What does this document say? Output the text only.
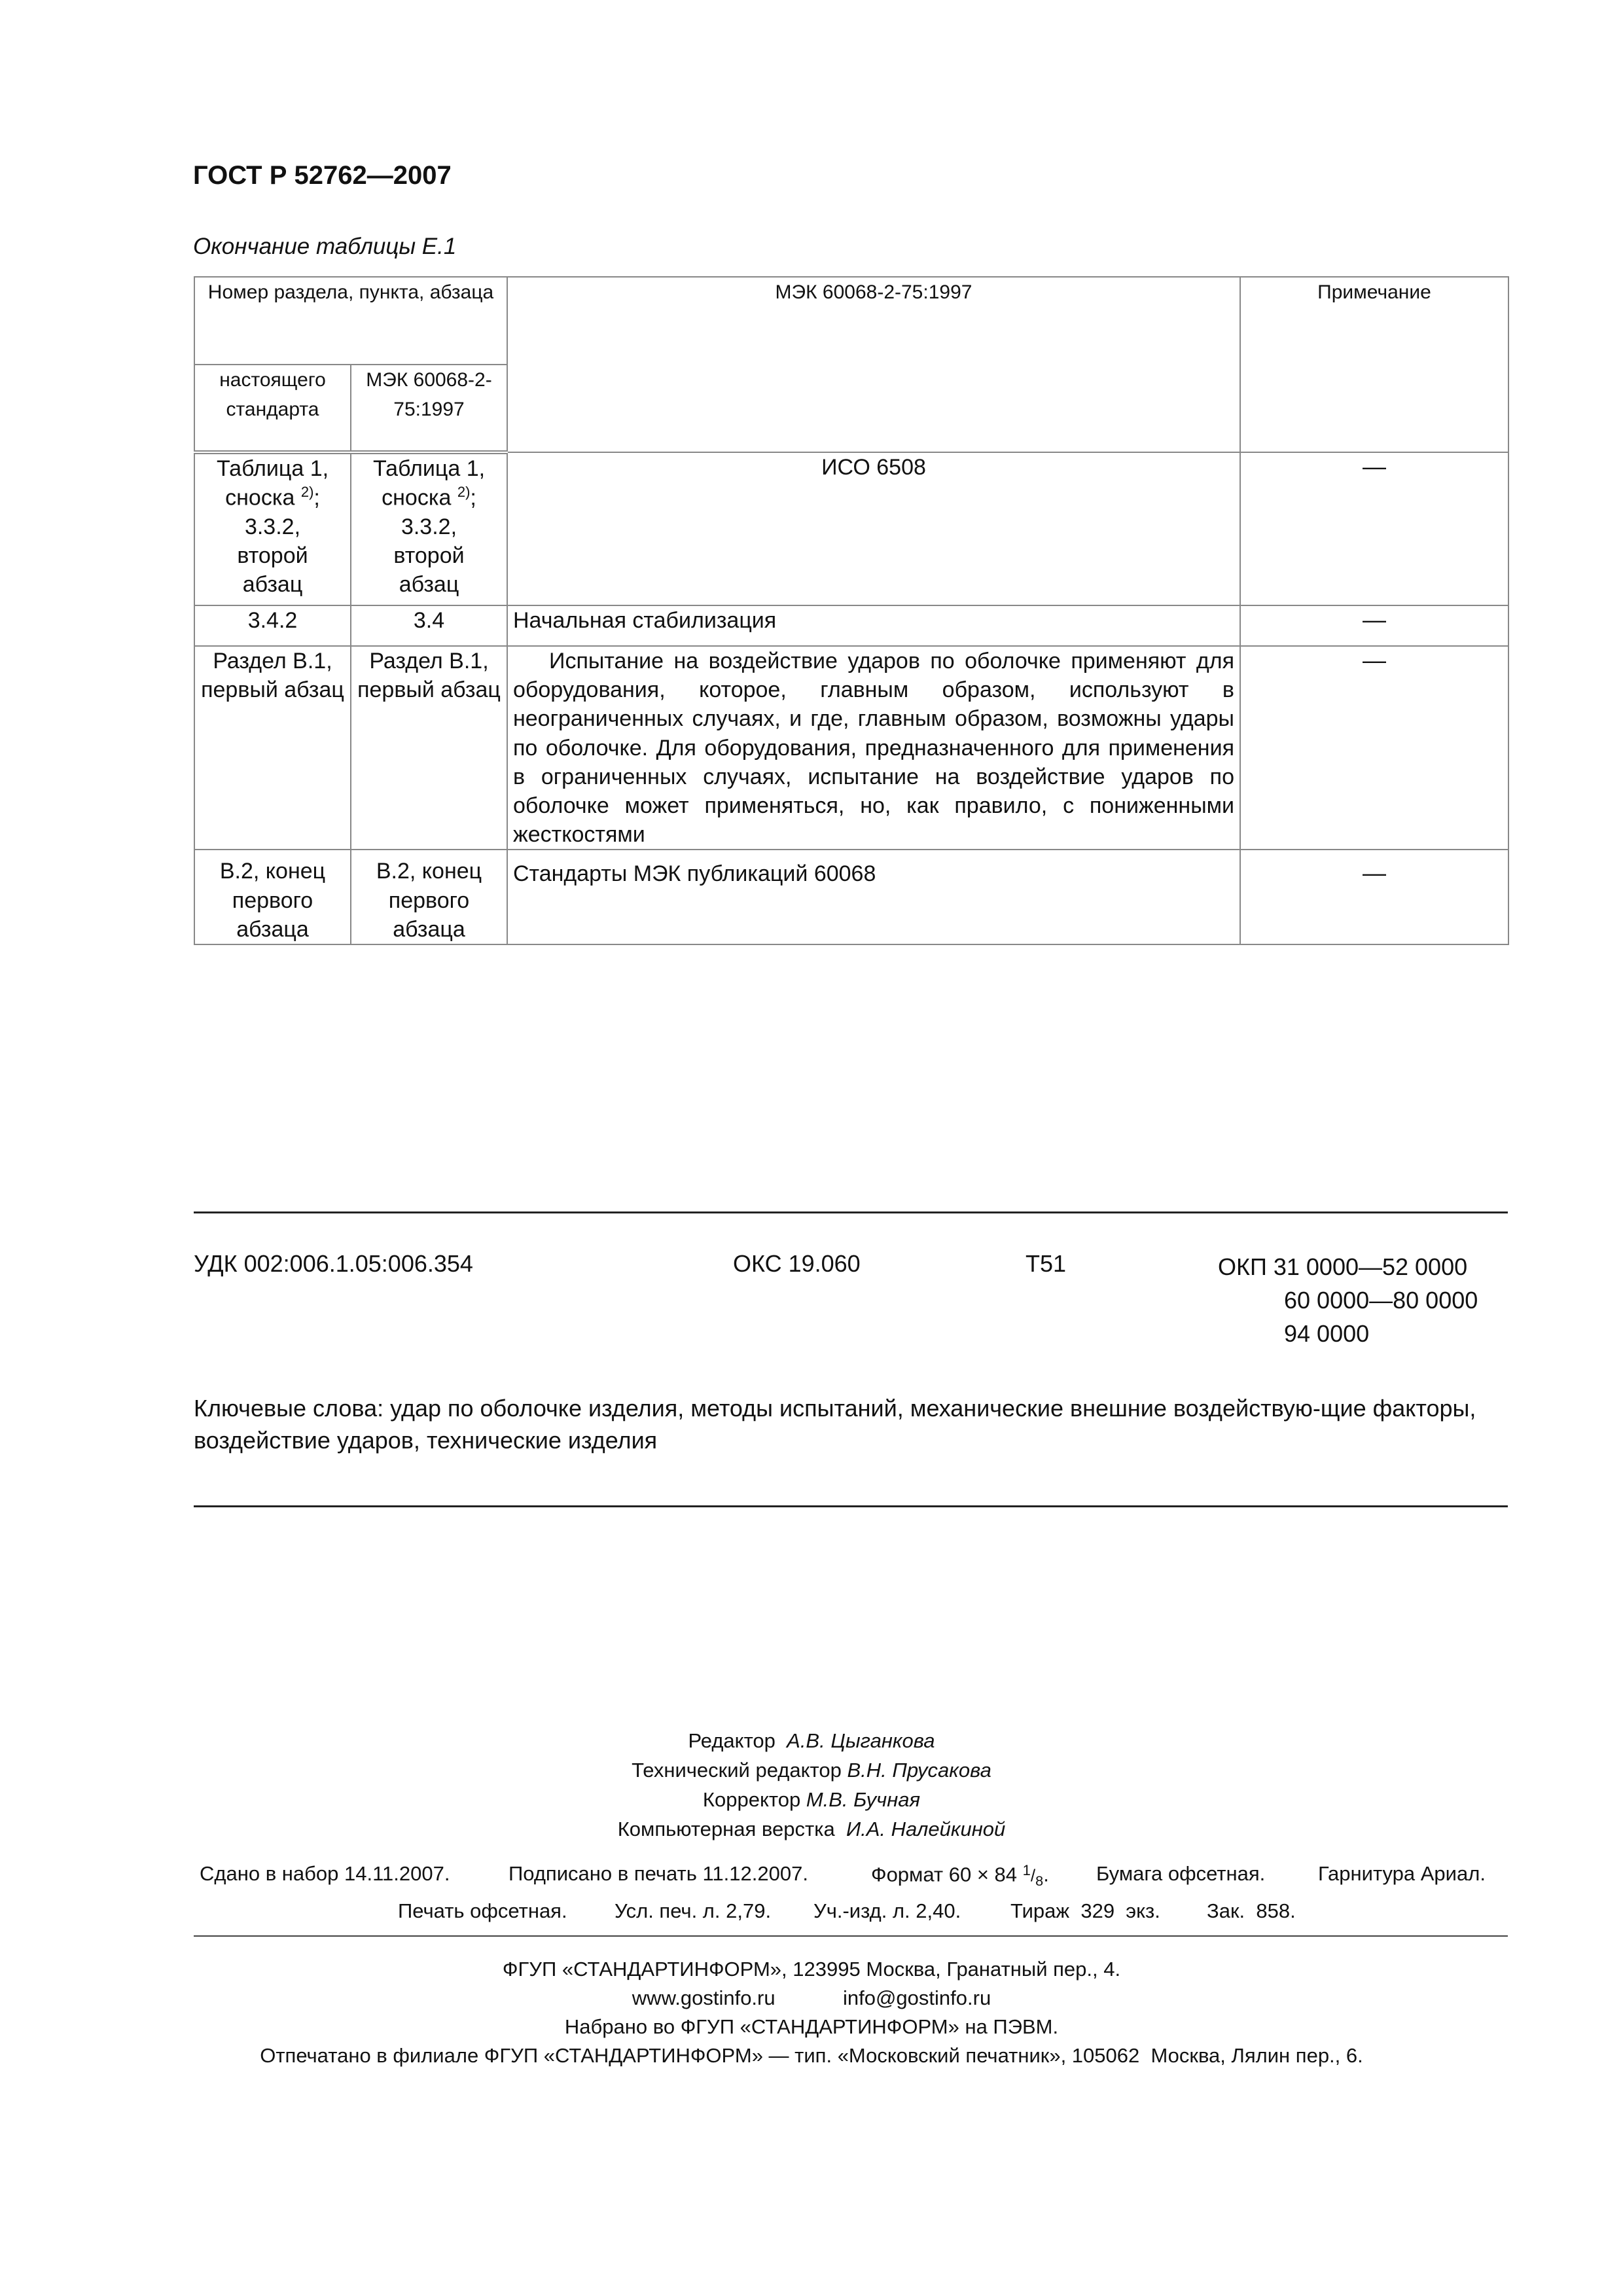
ГОСТ Р 52762—2007
Окончание таблицы Е.1
Номер раздела, пункта, абзаца		МЭК 60068-2-75:1997	Примечание
настоящего стандарта	МЭК 60068-2-75:1997		
Таблица 1,
сноска $^{2)}$;
3.3.2,
второй
абзац	Таблица 1,
сноска $^{2)}$;
3.3.2,
второй
абзац	ИСО 6508	—
3.4.2	3.4	Начальная стабилизация	—
Раздел В.1, первый абзац	Раздел В.1, первый абзац	Испытание на воздействие ударов по оболочке применяют для оборудования, которое, главным образом, используют в неограниченных случаях, и где, главным образом, возможны удары по оболочке. Для оборудования, предназначенного для применения в ограниченных случаях, испытание на воздействие ударов по оболочке может применяться, но, как правило, с пониженными жесткостями	—
В.2, конец первого абзаца	В.2, конец первого абзаца	Стандарты МЭК публикаций 60068	—
УДК 002:006.1.05:006.354	ОКС 19.060	Т51	ОКП 31 0000—52 0000
60 0000—80 0000
94 0000
Ключевые слова: удар по оболочке изделия, методы испытаний, механические внешние воздействую-щие факторы, воздействие ударов, технические изделия
Редактор А.В. Цыганкова
Технический редактор В.Н. Прусакова
Корректор М.В. Бучная
Компьютерная верстка И.А. Налейкиной
Сдано в набор 14.11.2007.	Подписано в печать 11.12.2007.	Формат 60 × 84 $^1/_8$. Бумага офсетная.	Гарнитура Ариал.
Печать офсетная. Усл. печ. л. 2,79. Уч.-изд. л. 2,40. Тираж  329  экз. Зак.  858.
ФГУП «СТАНДАРТИНФОРМ», 123995 Москва, Гранатный пер., 4.
www.gostinfo.ru	info@gostinfo.ru
Набрано во ФГУП «СТАНДАРТИНФОРМ» на ПЭВМ.
Отпечатано в филиале ФГУП «СТАНДАРТИНФОРМ» — тип. «Московский печатник», 105062  Москва, Лялин пер., 6.
